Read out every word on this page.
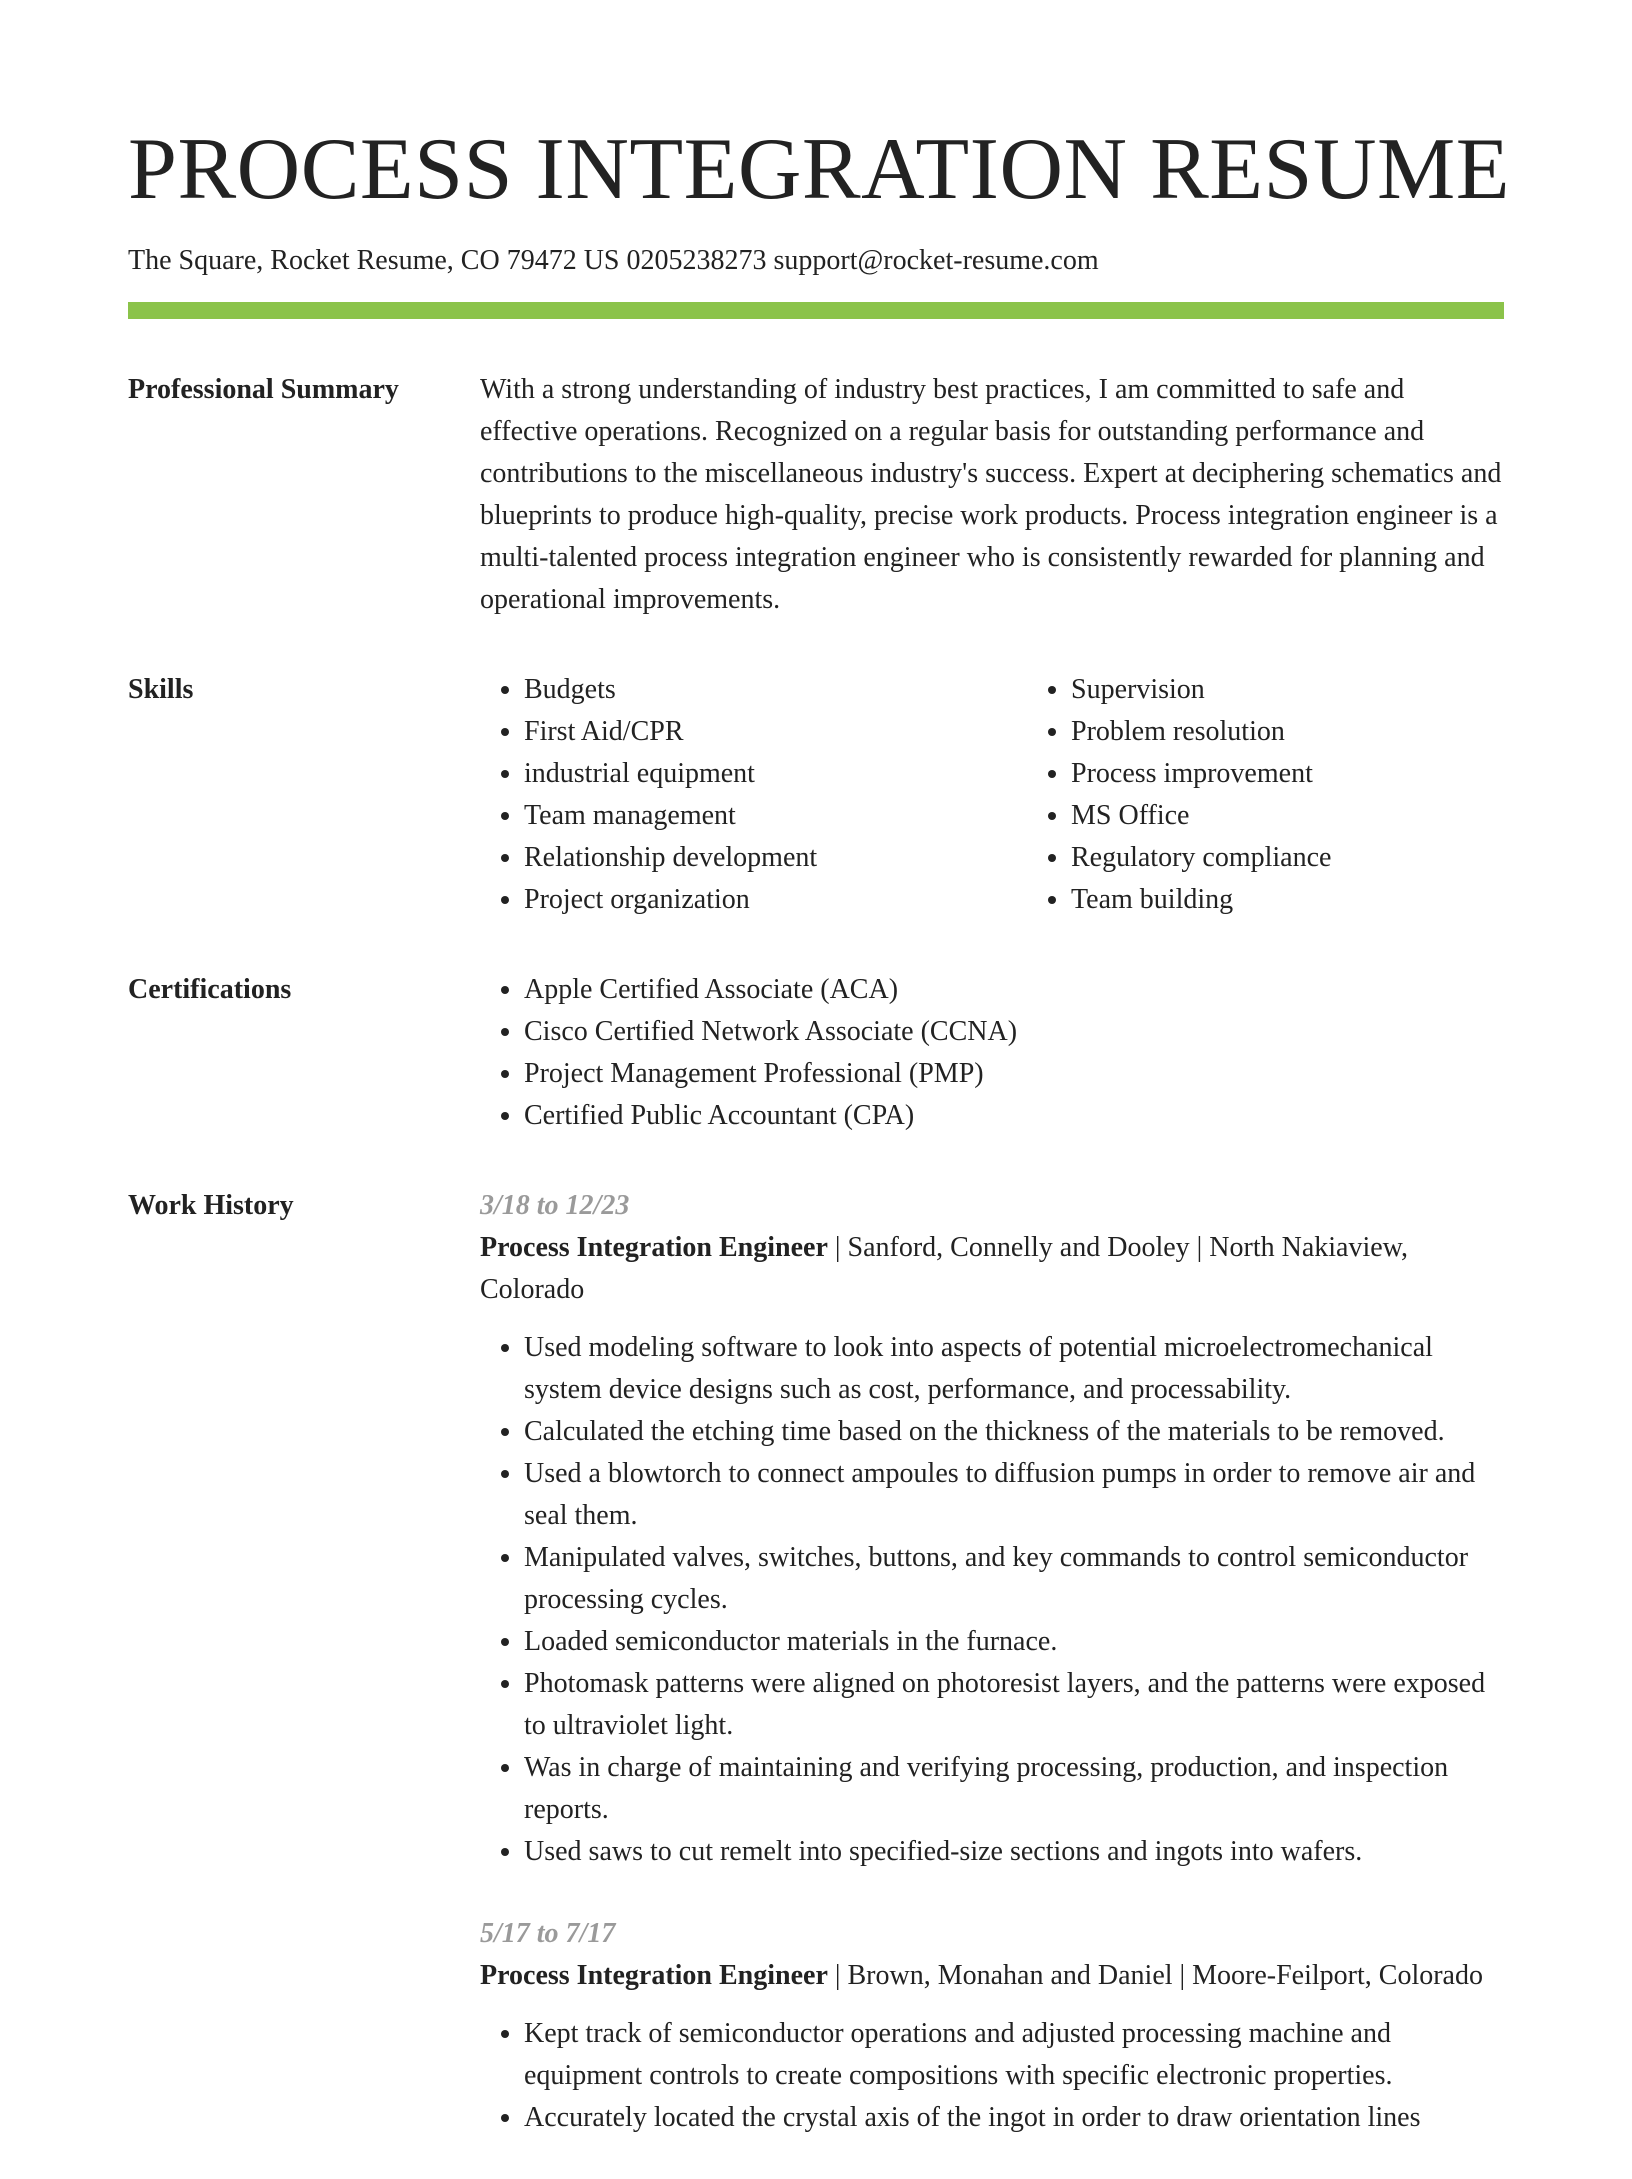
PROCESS INTEGRATION RESUME
The Square, Rocket Resume, CO 79472 US 0205238273 support@rocket-resume.com
Professional Summary	With a strong understanding of industry best practices, I am committed to safe and effective operations. Recognized on a regular basis for outstanding performance and contributions to the miscellaneous industry's success. Expert at deciphering schematics and blueprints to produce high-quality, precise work products. Process integration engineer is a multi-talented process integration engineer who is consistently rewarded for planning and operational improvements.

Skills	• Budgets
• First Aid/CPR
• industrial equipment
• Team management
• Relationship development
• Project organization
• Supervision
• Problem resolution
• Process improvement
• MS Office
• Regulatory compliance
• Team building
Certifications	• Apple Certified Associate (ACA)
• Cisco Certified Network Associate (CCNA)
• Project Management Professional (PMP)
• Certified Public Accountant (CPA)
Work History	3/18 to 12/23
Process Integration Engineer | Sanford, Connelly and Dooley | North Nakiaview, Colorado
• Used modeling software to look into aspects of potential microelectromechanical system device designs such as cost, performance, and processability.
• Calculated the etching time based on the thickness of the materials to be removed.
• Used a blowtorch to connect ampoules to diffusion pumps in order to remove air and seal them.
• Manipulated valves, switches, buttons, and key commands to control semiconductor processing cycles.
• Loaded semiconductor materials in the furnace.
• Photomask patterns were aligned on photoresist layers, and the patterns were exposed to ultraviolet light.
• Was in charge of maintaining and verifying processing, production, and inspection reports.
• Used saws to cut remelt into specified-size sections and ingots into wafers.
5/17 to 7/17
Process Integration Engineer | Brown, Monahan and Daniel | Moore-Feilport, Colorado
• Kept track of semiconductor operations and adjusted processing machine and equipment controls to create compositions with specific electronic properties.
• Accurately located the crystal axis of the ingot in order to draw orientation lines
